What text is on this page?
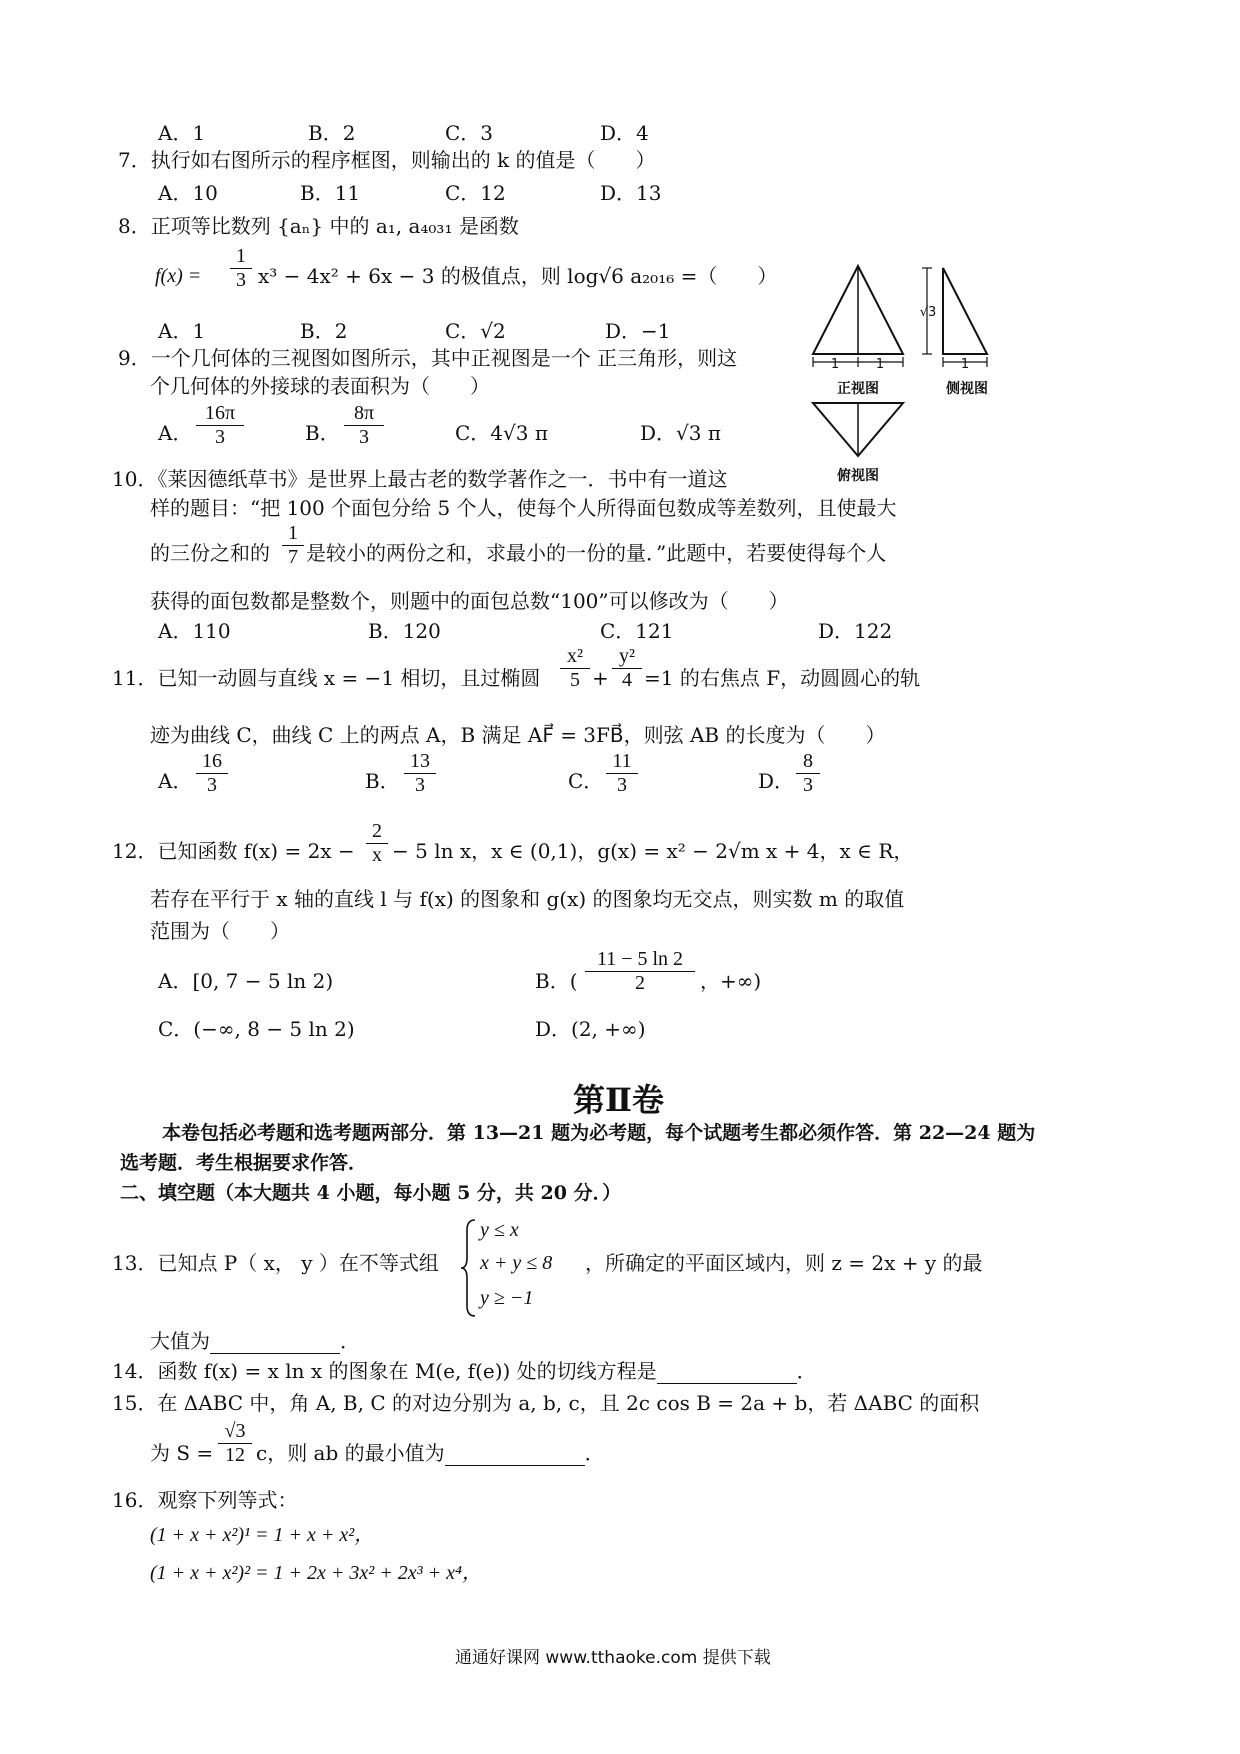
A．1	B．2	C．3	D．4
7．执行如右图所示的程序框图，则输出的 k 的值是（　　）
A．10	B．11	C．12	D．13
8．正项等比数列 {aₙ} 中的 a₁, a₄₀₃₁ 是函数
f(x) =
1
3 x³ − 4x² + 6x − 3 的极值点，则 log√6 a₂₀₁₆ =（　　）
A．1	B．2	C．√2	D．−1
9．一个几何体的三视图如图所示，其中正视图是一个 正三角形，则这
个几何体的外接球的表面积为（　　）
A．
16π
3	B．
8π
3	C．4√3 π	D．√3 π
1	1
正视图
√3
1
侧视图
俯视图
10．《莱因德纸草书》是世界上最古老的数学著作之一．书中有一道这
样的题目：“把 100 个面包分给 5 个人，使每个人所得面包数成等差数列，且使最大
的三份之和的
1
7 是较小的两份之和，求最小的一份的量．”此题中，若要使得每个人
获得的面包数都是整数个，则题中的面包总数“100”可以修改为（　　）
A．110	B．120	C．121	D．122
11．已知一动圆与直线 x = −1 相切，且过椭圆
x²
5 +
y²
4 =1 的右焦点 F，动圆圆心的轨
迹为曲线 C，曲线 C 上的两点 A，B 满足 AF⃗ = 3FB⃗，则弦 AB 的长度为（　　）
A．
16
3	B．
13
3	C．
11
3	D．
8
3
12．已知函数 f(x) = 2x −
2
x − 5 ln x，x ∈ (0,1)，g(x) = x² − 2√m x + 4，x ∈ R，
若存在平行于 x 轴的直线 l 与 f(x) 的图象和 g(x) 的图象均无交点，则实数 m 的取值
范围为（　　）
A．[0, 7 − 5 ln 2)	B．(
11 − 5 ln 2
2	，+∞)
C．(−∞, 8 − 5 ln 2)	D．(2, +∞)
第Ⅱ卷
本卷包括必考题和选考题两部分．第 13—21 题为必考题，每个试题考生都必须作答．第 22—24 题为
选考题．考生根据要求作答．
二、填空题（本大题共 4 小题，每小题 5 分，共 20 分．）
13．已知点 P（ x， y ）在不等式组
y ≤ x
x + y ≤ 8
y ≥ −1
，所确定的平面区域内，则 z = 2x + y 的最
大值为	．
14．函数 f(x) = x ln x 的图象在 M(e, f(e)) 处的切线方程是	．
15．在 ΔABC 中，角 A, B, C 的对边分别为 a, b, c，且 2c cos B = 2a + b，若 ΔABC 的面积
为 S =
√3
12 c，则 ab 的最小值为	．
16．观察下列等式：
(1 + x + x²)¹ = 1 + x + x²，
(1 + x + x²)² = 1 + 2x + 3x² + 2x³ + x⁴，
通通好课网 www.tthaoke.com 提供下载
